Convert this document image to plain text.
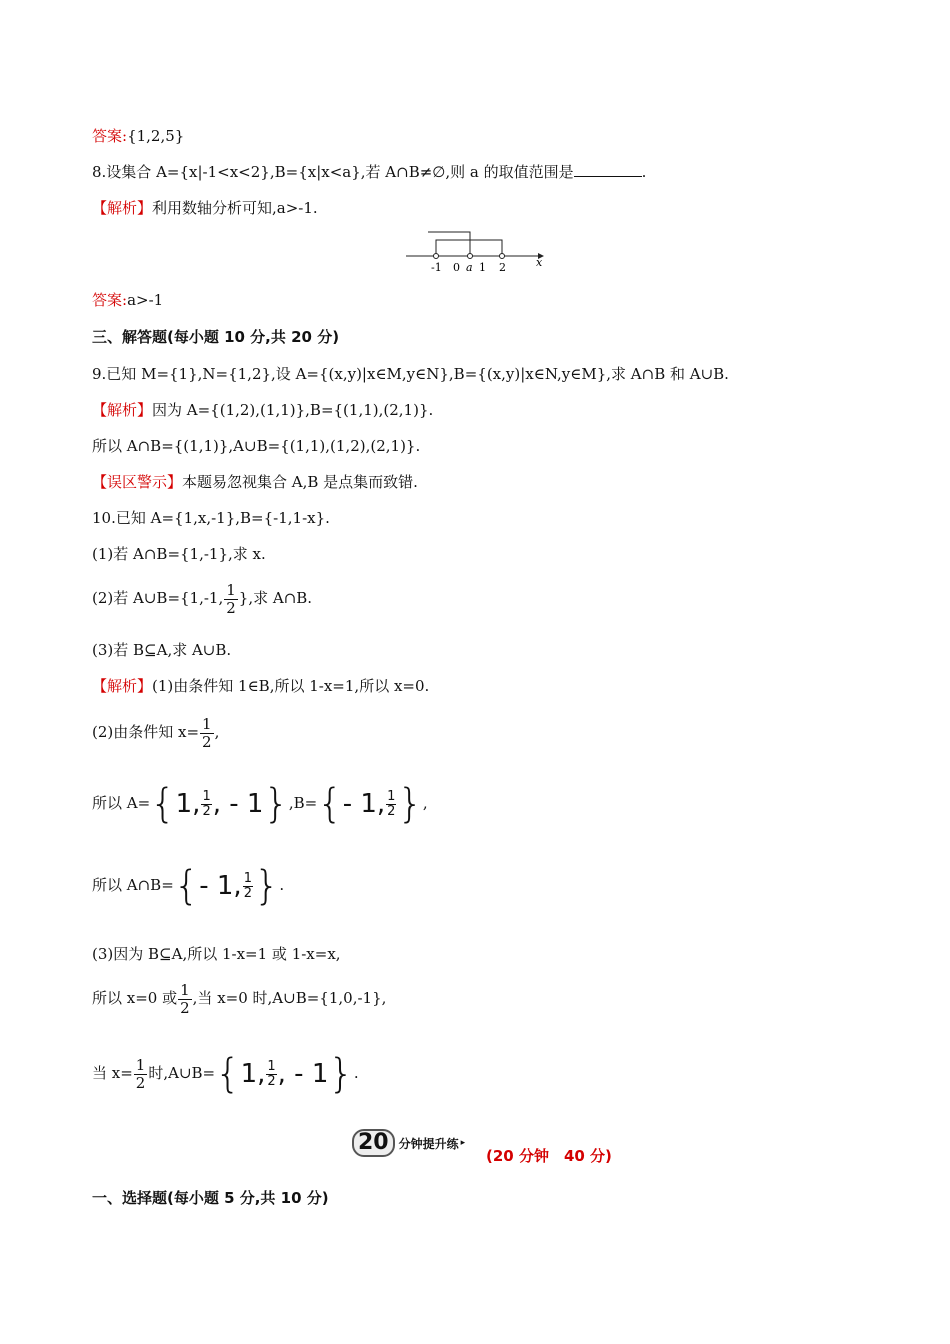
答案:{1,2,5}
8.设集合 A={x|-1<x<2},B={x|x<a},若 A∩B≠∅,则 a 的取值范围是	.
【解析】利用数轴分析可知,a>-1.
-1 0 a 1 2	x
答案:a>-1
三、解答题(每小题 10 分,共 20 分)
9.已知 M={1},N={1,2},设 A={(x,y)|x∈M,y∈N},B={(x,y)|x∈N,y∈M},求 A∩B 和 A∪B.
【解析】因为 A={(1,2),(1,1)},B={(1,1),(2,1)}.
所以 A∩B={(1,1)},A∪B={(1,1),(1,2),(2,1)}.
【误区警示】本题易忽视集合 A,B 是点集而致错.
10.已知 A={1,x,-1},B={-1,1-x}.
(1)若 A∩B={1,-1},求 x.
(2)若 A∪B={1,-1, $\frac{1}{2}$ },求 A∩B.
(3)若 B⊆A,求 A∪B.
【解析】(1)由条件知 1∈B,所以 1-x=1,所以 x=0.
(2)由条件知 $x= \frac{1}{2}$ ,
所以 A={1, $\frac{1}{2}$ , - 1},B={- 1, $\frac{1}{2}$ },
所以 A∩B={- 1, $\frac{1}{2}$ }.
(3)因为 B⊆A,所以 1-x=1 或 1-x=x,
所以 x=0 或 $\frac{1}{2}$ ,当 x=0 时,A∪B={1,0,-1},
当 $x= \frac{1}{2}$ 时,A∪B={1, $\frac{1}{2}$ , - 1}.
20 分钟提升练 ▸
(20 分钟　40 分)
一、选择题(每小题 5 分,共 10 分)
